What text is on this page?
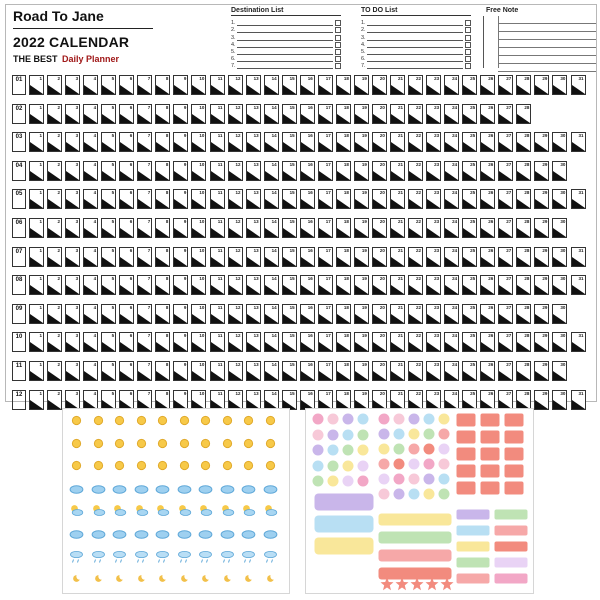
Road To Jane
2022 CALENDAR
THE BEST Daily Planner
Destination List
1.
2.
3.
4.
5.
6.
7.
TO DO List
1.
2.
3.
4.
5.
6.
7.
Free Note
01	1	2	3	4	5	6	7	8	9	10	11	12	13	14	15	16	17	18	19	20	21	22	23	24	25	26	27	28	29	30	31
02	1	2	3	4	5	6	7	8	9	10	11	12	13	14	15	16	17	18	19	20	21	22	23	24	25	26	27	28
03	1	2	3	4	5	6	7	8	9	10	11	12	13	14	15	16	17	18	19	20	21	22	23	24	25	26	27	28	29	30	31
04	1	2	3	4	5	6	7	8	9	10	11	12	13	14	15	16	17	18	19	20	21	22	23	24	25	26	27	28	29	30
05	1	2	3	4	5	6	7	8	9	10	11	12	13	14	15	16	17	18	19	20	21	22	23	24	25	26	27	28	29	30	31
06	1	2	3	4	5	6	7	8	9	10	11	12	13	14	15	16	17	18	19	20	21	22	23	24	25	26	27	28	29	30
07	1	2	3	4	5	6	7	8	9	10	11	12	13	14	15	16	17	18	19	20	21	22	23	24	25	26	27	28	29	30	31
08	1	2	3	4	5	6	7	8	9	10	11	12	13	14	15	16	17	18	19	20	21	22	23	24	25	26	27	28	29	30	31
09	1	2	3	4	5	6	7	8	9	10	11	12	13	14	15	16	17	18	19	20	21	22	23	24	25	26	27	28	29	30
10	1	2	3	4	5	6	7	8	9	10	11	12	13	14	15	16	17	18	19	20	21	22	23	24	25	26	27	28	29	30	31
11	1	2	3	4	5	6	7	8	9	10	11	12	13	14	15	16	17	18	19	20	21	22	23	24	25	26	27	28	29	30
12	1	2	3	4	5	6	7	8	9	10	11	12	13	14	15	16	17	18	19	20	21	22	23	24	25	26	27	28	29	30	31
